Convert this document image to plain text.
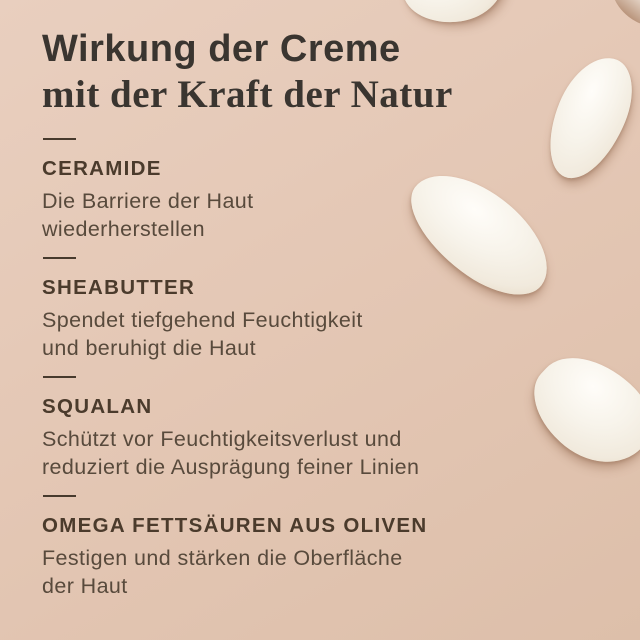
Wirkung der Creme
mit der Kraft der Natur
CERAMIDE

Die Barriere der Haut

wiederherstellen

SHEABUTTER

Spendet tiefgehend Feuchtigkeit

und beruhigt die Haut

SQUALAN

Schützt vor Feuchtigkeitsverlust und

reduziert die Ausprägung feiner Linien

OMEGA FETTSÄUREN AUS OLIVEN

Festigen und stärken die Oberfläche

der Haut
